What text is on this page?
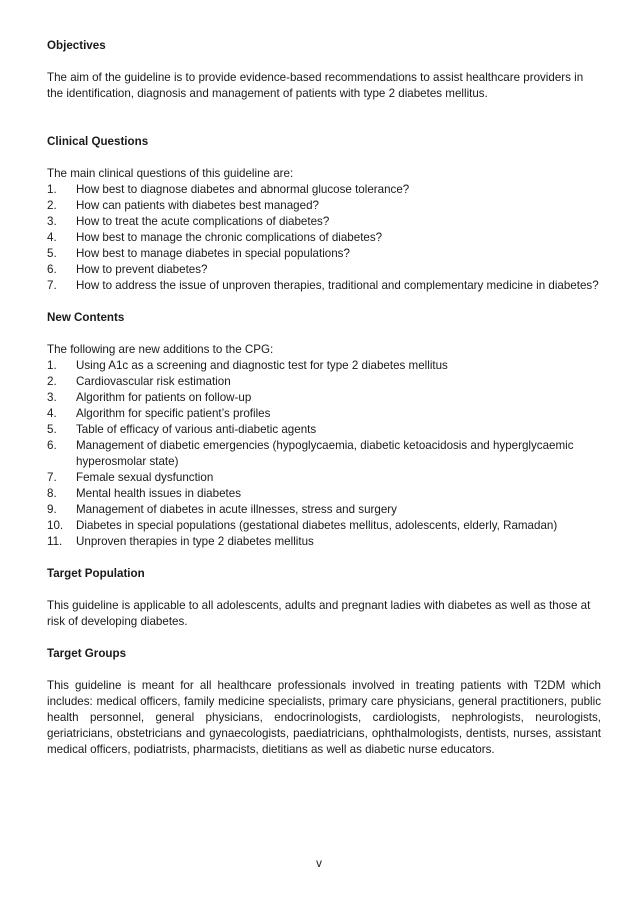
Objectives

The aim of the guideline is to provide evidence-based recommendations to assist healthcare providers in the identification, diagnosis and management of patients with type 2 diabetes mellitus.

Clinical Questions

The main clinical questions of this guideline are:

1. How best to diagnose diabetes and abnormal glucose tolerance?
2. How can patients with diabetes best managed?
3. How to treat the acute complications of diabetes?
4. How best to manage the chronic complications of diabetes?
5. How best to manage diabetes in special populations?
6. How to prevent diabetes?
7. How to address the issue of unproven therapies, traditional and complementary medicine in diabetes?
New Contents

The following are new additions to the CPG:

1. Using A1c as a screening and diagnostic test for type 2 diabetes mellitus
2. Cardiovascular risk estimation
3. Algorithm for patients on follow-up
4. Algorithm for specific patient’s profiles
5. Table of efficacy of various anti-diabetic agents
6. Management of diabetic emergencies (hypoglycaemia, diabetic ketoacidosis and hyperglycaemic hyperosmolar state)
7. Female sexual dysfunction
8. Mental health issues in diabetes
9. Management of diabetes in acute illnesses, stress and surgery
10. Diabetes in special populations (gestational diabetes mellitus, adolescents, elderly, Ramadan)
11. Unproven therapies in type 2 diabetes mellitus
Target Population

This guideline is applicable to all adolescents, adults and pregnant ladies with diabetes as well as those at risk of developing diabetes.

Target Groups

This guideline is meant for all healthcare professionals involved in treating patients with T2DM which includes: medical officers, family medicine specialists, primary care physicians, general practitioners, public health personnel, general physicians, endocrinologists, cardiologists, nephrologists, neurologists, geriatricians, obstetricians and gynaecologists, paediatricians, ophthalmologists, dentists, nurses, assistant medical officers, podiatrists, pharmacists, dietitians as well as diabetic nurse educators.

v
